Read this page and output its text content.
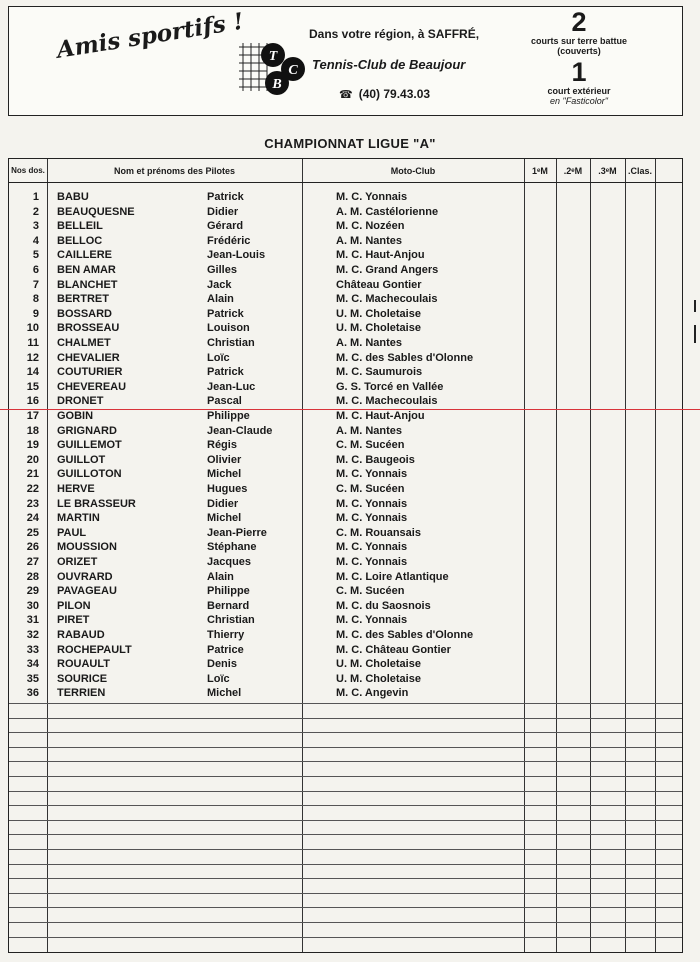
Amis sportifs ! T
C
B
Dans votre région, à SAFFRÉ,
Tennis-Club de Beaujour
☎ (40) 79.43.03
2
courts sur terre battue
(couverts)
1
court extérieur
en "Fasticolor"
CHAMPIONNAT LIGUE "A"
Nos dos.	Nom et prénoms des Pilotes	Moto-Club	1ᵉM	.2ᵉM	.3ᵉM	.Clas.
1 BABU	Patrick	M. C. Yonnais
2 BEAUQUESNE	Didier	A. M. Castélorienne
3 BELLEIL	Gérard	M. C. Nozéen
4 BELLOC	Frédéric	A. M. Nantes
5 CAILLERE	Jean-Louis	M. C. Haut-Anjou
6 BEN AMAR	Gilles	M. C. Grand Angers
7 BLANCHET	Jack	Château Gontier
8 BERTRET	Alain	M. C. Machecoulais
9 BOSSARD	Patrick	U. M. Choletaise
10 BROSSEAU	Louison	U. M. Choletaise
11 CHALMET	Christian	A. M. Nantes
12 CHEVALIER	Loïc	M. C. des Sables d'Olonne
14 COUTURIER	Patrick	M. C. Saumurois
15 CHEVEREAU	Jean-Luc	G. S. Torcé en Vallée
16 DRONET	Pascal	M. C. Machecoulais
17 GOBIN	Philippe	M. C. Haut-Anjou
18 GRIGNARD	Jean-Claude	A. M. Nantes
19 GUILLEMOT	Régis	C. M. Sucéen
20 GUILLOT	Olivier	M. C. Baugeois
21 GUILLOTON	Michel	M. C. Yonnais
22 HERVE	Hugues	C. M. Sucéen
23 LE BRASSEUR	Didier	M. C. Yonnais
24 MARTIN	Michel	M. C. Yonnais
25 PAUL	Jean-Pierre	C. M. Rouansais
26 MOUSSION	Stéphane	M. C. Yonnais
27 ORIZET	Jacques	M. C. Yonnais
28 OUVRARD	Alain	M. C. Loire Atlantique
29 PAVAGEAU	Philippe	C. M. Sucéen
30 PILON	Bernard	M. C. du Saosnois
31 PIRET	Christian	M. C. Yonnais
32 RABAUD	Thierry	M. C. des Sables d'Olonne
33 ROCHEPAULT	Patrice	M. C. Château Gontier
34 ROUAULT	Denis	U. M. Choletaise
35 SOURICE	Loïc	U. M. Choletaise
36 TERRIEN	Michel	M. C. Angevin
